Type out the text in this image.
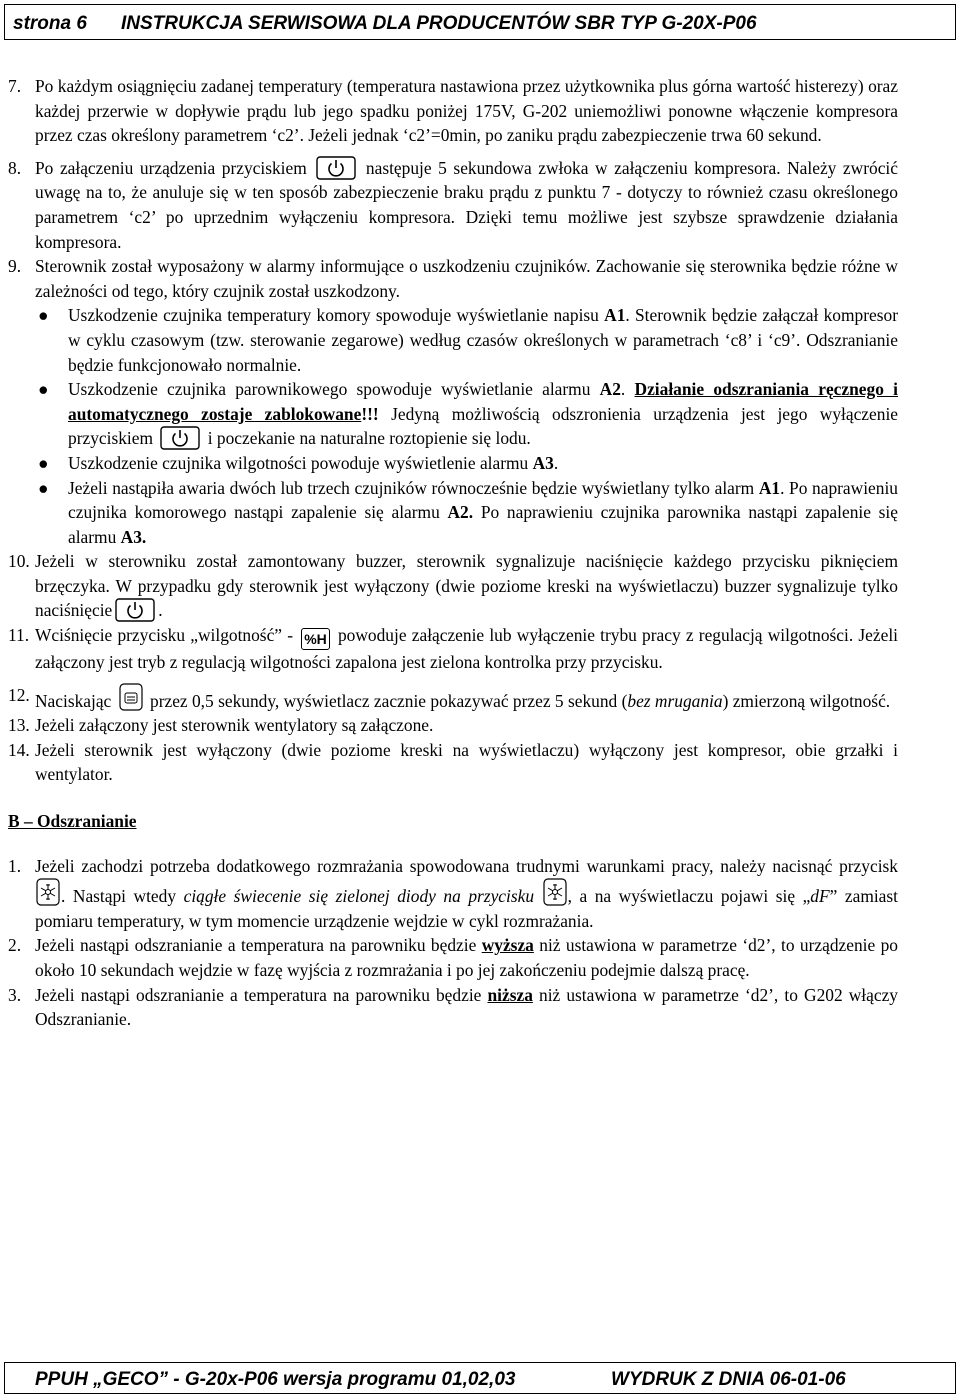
strona 6 INSTRUKCJA SERWISOWA DLA PRODUCENTÓW SBR TYP G-20X-P06
7. Po każdym osiągnięciu zadanej temperatury (temperatura nastawiona przez użytkownika plus górna wartość histerezy) oraz każdej przerwie w dopływie prądu lub jego spadku poniżej 175V, G-202 uniemożliwi ponowne włączenie kompresora przez czas określony parametrem ‘c2’. Jeżeli jednak ‘c2’=0min, po zaniku prądu zabezpieczenie trwa 60 sekund.
8. Po załączeniu urządzenia przyciskiem	następuje 5 sekundowa zwłoka w załączeniu kompresora. Należy zwrócić uwagę na to, że anuluje się w ten sposób zabezpieczenie braku prądu z punktu 7 - dotyczy to również czasu określonego parametrem ‘c2’ po uprzednim wyłączeniu kompresora. Dzięki temu możliwe jest szybsze sprawdzenie działania kompresora.
9. Sterownik został wyposażony w alarmy informujące o uszkodzeniu czujników. Zachowanie się sterownika będzie różne w zależności od tego, który czujnik został uszkodzony.
● Uszkodzenie czujnika temperatury komory spowoduje wyświetlanie napisu A1. Sterownik będzie załączał kompresor w cyklu czasowym (tzw. sterowanie zegarowe) według czasów określonych w parametrach ‘c8’ i ‘c9’. Odszranianie będzie funkcjonowało normalnie.
● Uszkodzenie czujnika parownikowego spowoduje wyświetlanie alarmu A2. Działanie odszraniania ręcznego i automatycznego zostaje zablokowane!!! Jedyną możliwością odszronienia urządzenia jest jego wyłączenie przyciskiem	i poczekanie na naturalne roztopienie się lodu.
● Uszkodzenie czujnika wilgotności powoduje wyświetlenie alarmu A3.
● Jeżeli nastąpiła awaria dwóch lub trzech czujników równocześnie będzie wyświetlany tylko alarm A1. Po naprawieniu czujnika komorowego nastąpi zapalenie się alarmu A2. Po naprawieniu czujnika parownika nastąpi zapalenie się alarmu A3.
10. Jeżeli w sterowniku został zamontowany buzzer, sterownik sygnalizuje naciśnięcie każdego przycisku piknięciem brzęczyka. W przypadku gdy sterownik jest wyłączony (dwie poziome kreski na wyświetlaczu) buzzer sygnalizuje tylko naciśnięcie	.
11. Wciśnięcie przycisku „wilgotność” - %H powoduje załączenie lub wyłączenie trybu pracy z regulacją wilgotności. Jeżeli załączony jest tryb z regulacją wilgotności zapalona jest zielona kontrolka przy przycisku.
12. Naciskając przez 0,5 sekundy, wyświetlacz zacznie pokazywać przez 5 sekund (bez mrugania) zmierzoną wilgotność.
13. Jeżeli załączony jest sterownik wentylatory są załączone.
14. Jeżeli sterownik jest wyłączony (dwie poziome kreski na wyświetlaczu) wyłączony jest kompresor, obie grzałki i wentylator.

B – Odszranianie

1. Jeżeli zachodzi potrzeba dodatkowego rozmrażania spowodowana trudnymi warunkami pracy, należy nacisnąć przycisk . Nastąpi wtedy ciągłe świecenie się zielonej diody na przycisku , a na wyświetlaczu pojawi się „dF” zamiast pomiaru temperatury, w tym momencie urządzenie wejdzie w cykl rozmrażania.
2. Jeżeli nastąpi odszranianie a temperatura na parowniku będzie wyższa niż ustawiona w parametrze ‘d2’, to urządzenie po około 10 sekundach wejdzie w fazę wyjścia z rozmrażania i po jej zakończeniu podejmie dalszą pracę.
3. Jeżeli nastąpi odszranianie a temperatura na parowniku będzie niższa niż ustawiona w parametrze ‘d2’, to G202 włączy Odszranianie.
PPUH „GECO” - G-20x-P06 wersja programu 01,02,03	WYDRUK Z DNIA 06-01-06
